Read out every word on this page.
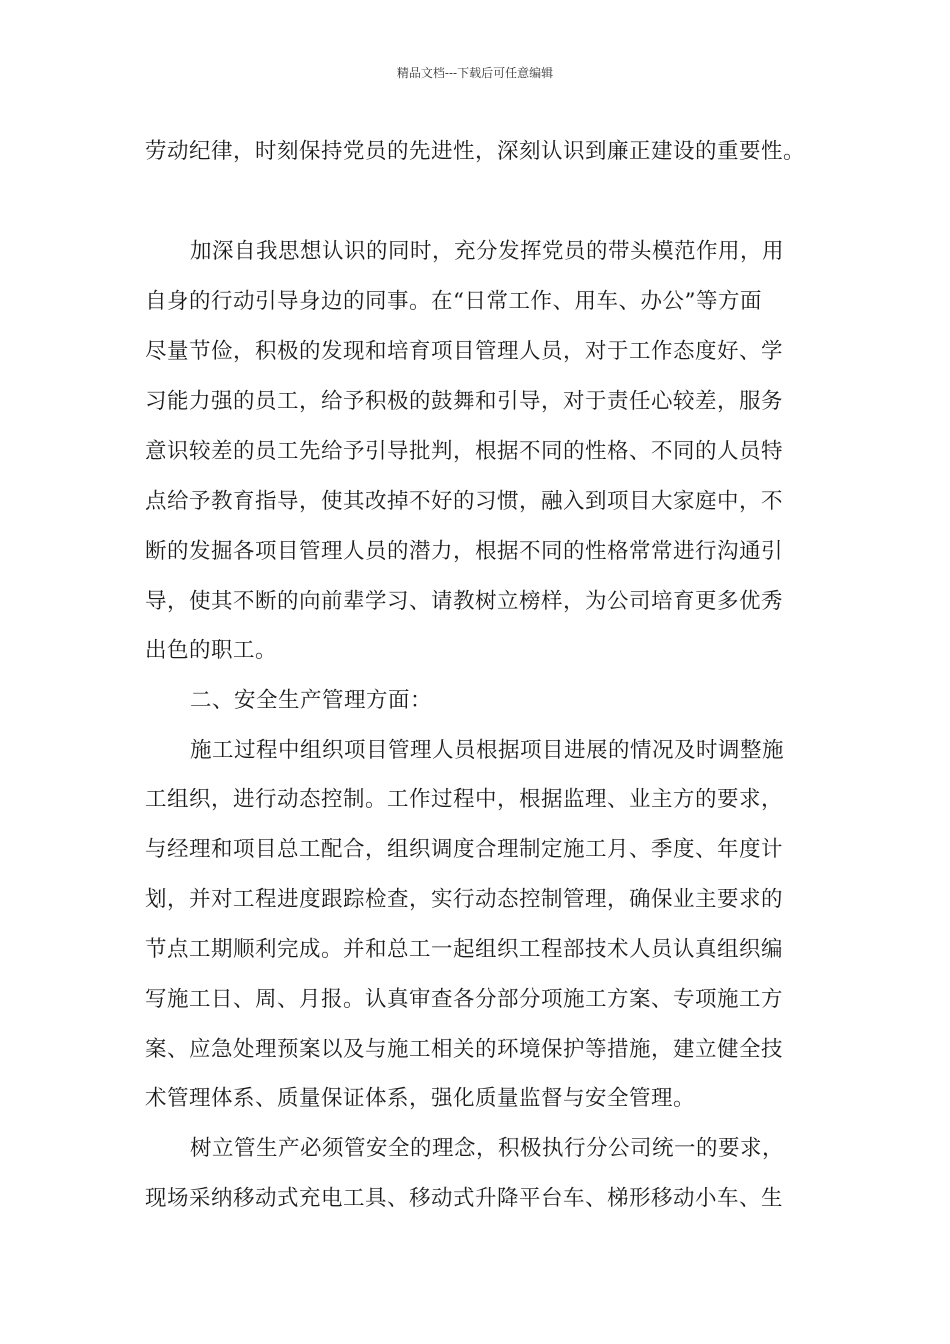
精品文档---下载后可任意编辑
劳动纪律，时刻保持党员的先进性，深刻认识到廉正建设的重要性。
加深自我思想认识的同时，充分发挥党员的带头模范作用，用
自身的行动引导身边的同事。在“日常工作、用车、办公”等方面
尽量节俭，积极的发现和培育项目管理人员，对于工作态度好、学
习能力强的员工，给予积极的鼓舞和引导，对于责任心较差，服务
意识较差的员工先给予引导批判，根据不同的性格、不同的人员特
点给予教育指导，使其改掉不好的习惯，融入到项目大家庭中，不
断的发掘各项目管理人员的潜力，根据不同的性格常常进行沟通引
导，使其不断的向前辈学习、请教树立榜样，为公司培育更多优秀
出色的职工。
二、安全生产管理方面：
施工过程中组织项目管理人员根据项目进展的情况及时调整施
工组织，进行动态控制。工作过程中，根据监理、业主方的要求，
与经理和项目总工配合，组织调度合理制定施工月、季度、年度计
划，并对工程进度跟踪检查，实行动态控制管理，确保业主要求的
节点工期顺利完成。并和总工一起组织工程部技术人员认真组织编
写施工日、周、月报。认真审查各分部分项施工方案、专项施工方
案、应急处理预案以及与施工相关的环境保护等措施，建立健全技
术管理体系、质量保证体系，强化质量监督与安全管理。
树立管生产必须管安全的理念，积极执行分公司统一的要求，
现场采纳移动式充电工具、移动式升降平台车、梯形移动小车、生
